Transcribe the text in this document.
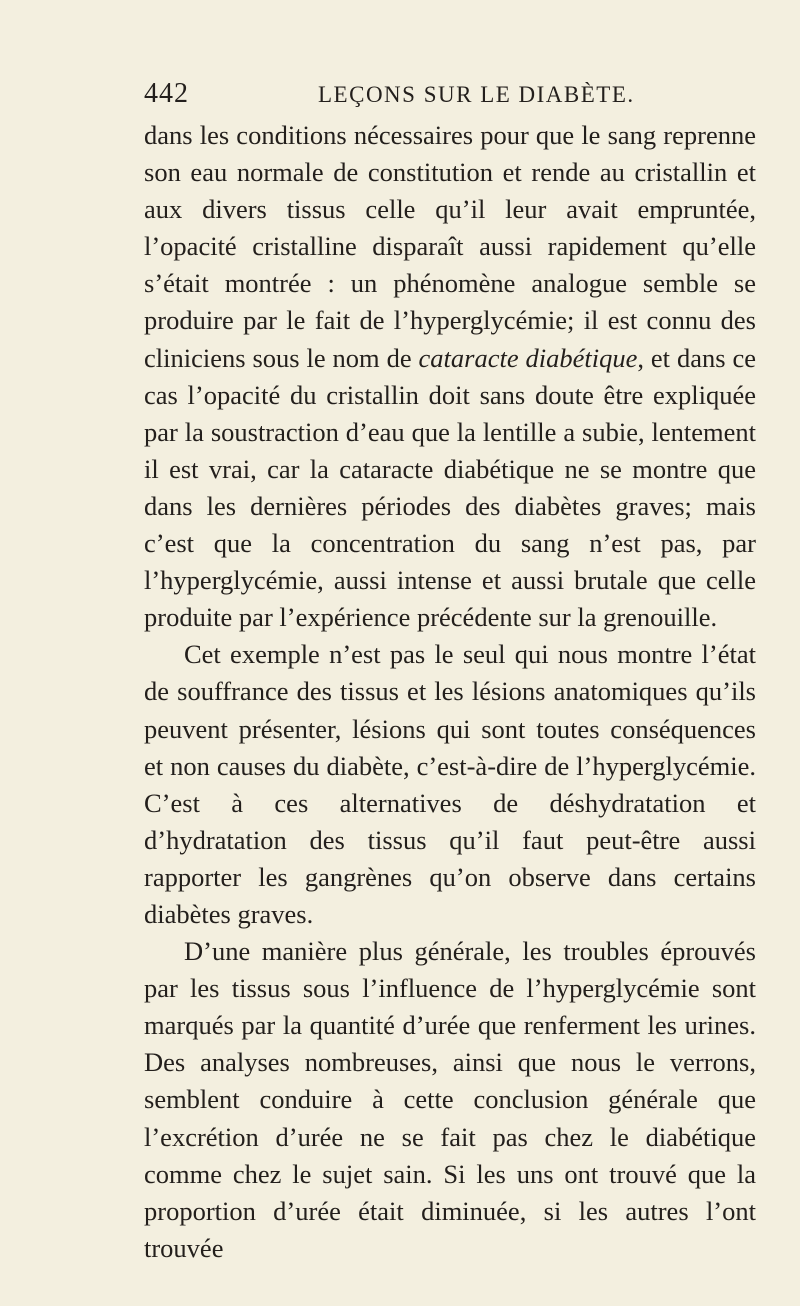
442	LEÇONS SUR LE DIABÈTE.

dans les conditions nécessaires pour que le sang reprenne son eau normale de constitution et rende au cristallin et aux divers tissus celle qu’il leur avait empruntée, l’opacité cristalline disparaît aussi rapidement qu’elle s’était montrée : un phénomène analogue semble se produire par le fait de l’hyperglycémie; il est connu des cliniciens sous le nom de cataracte diabétique, et dans ce cas l’opacité du cristallin doit sans doute être expliquée par la soustraction d’eau que la lentille a subie, lentement il est vrai, car la cataracte diabétique ne se montre que dans les dernières périodes des diabètes graves; mais c’est que la concentration du sang n’est pas, par l’hyperglycémie, aussi intense et aussi brutale que celle produite par l’expérience précédente sur la grenouille.

Cet exemple n’est pas le seul qui nous montre l’état de souffrance des tissus et les lésions anatomiques qu’ils peuvent présenter, lésions qui sont toutes conséquences et non causes du diabète, c’est-à-dire de l’hyperglycémie. C’est à ces alternatives de déshydratation et d’hydratation des tissus qu’il faut peut-être aussi rapporter les gangrènes qu’on observe dans certains diabètes graves.

D’une manière plus générale, les troubles éprouvés par les tissus sous l’influence de l’hyperglycémie sont marqués par la quantité d’urée que renferment les urines. Des analyses nombreuses, ainsi que nous le verrons, semblent conduire à cette conclusion générale que l’excrétion d’urée ne se fait pas chez le diabétique comme chez le sujet sain. Si les uns ont trouvé que la proportion d’urée était diminuée, si les autres l’ont trouvée
